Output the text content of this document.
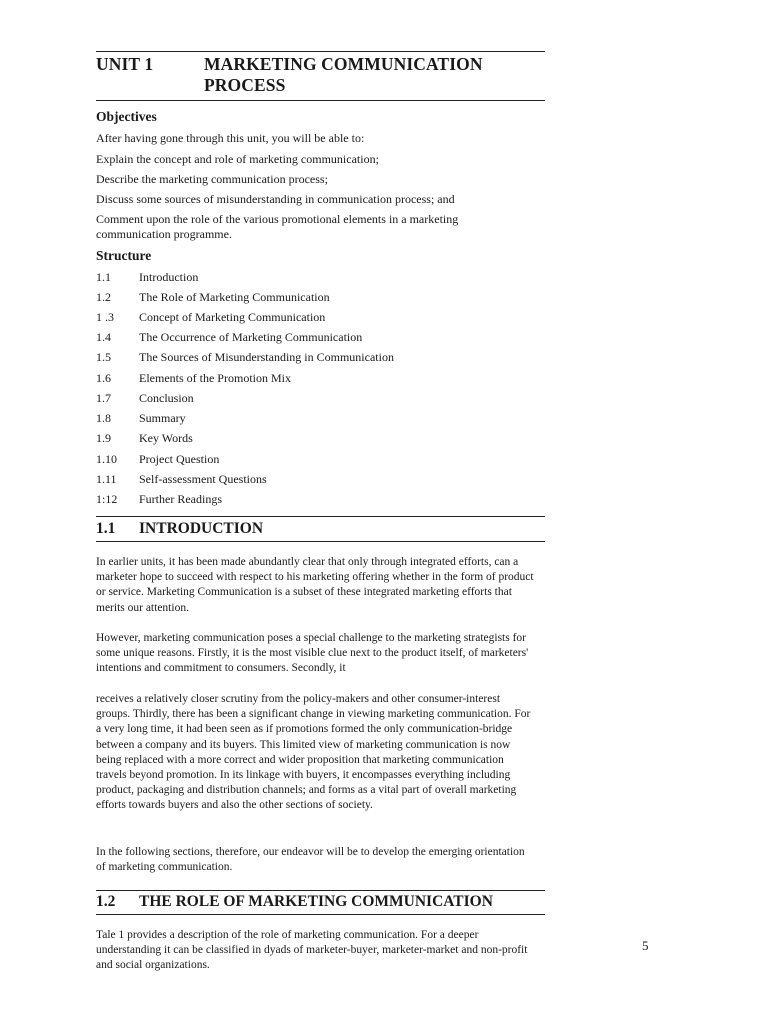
UNIT 1	MARKETING COMMUNICATION PROCESS
Objectives
After having gone through this unit, you will be able to:
Explain the concept and role of marketing communication;
Describe the marketing communication process;
Discuss some sources of misunderstanding in communication process; and
Comment upon the role of the various promotional elements in a marketing communication programme.
Structure
1.1 Introduction
1.2 The Role of Marketing Communication
1 .3 Concept of Marketing Communication
1.4 The Occurrence of Marketing Communication
1.5 The Sources of Misunderstanding in Communication
1.6 Elements of the Promotion Mix
1.7 Conclusion
1.8 Summary
1.9 Key Words
1.10 Project Question
1.11 Self-assessment Questions
1:12 Further Readings
1.1 INTRODUCTION
In earlier units, it has been made abundantly clear that only through integrated efforts, can a marketer hope to succeed with respect to his marketing offering whether in the form of product or service. Marketing Communication is a subset of these integrated marketing efforts that merits our attention.
However, marketing communication poses a special challenge to the marketing strategists for some unique reasons. Firstly, it is the most visible clue next to the product itself, of marketers' intentions and commitment to consumers. Secondly, it
receives a relatively closer scrutiny from the policy-makers and other consumer-interest groups. Thirdly, there has been a significant change in viewing marketing communication. For a very long time, it had been seen as if promotions formed the only communication-bridge between a company and its buyers. This limited view of marketing communication is now being replaced with a more correct and wider proposition that marketing communication travels beyond promotion. In its linkage with buyers, it encompasses everything including product, packaging and distribution channels; and forms as a vital part of overall marketing efforts towards buyers and also the other sections of society.
In the following sections, therefore, our endeavor will be to develop the emerging orientation of marketing communication.
1.2 THE ROLE OF MARKETING COMMUNICATION
Tale 1 provides a description of the role of marketing communication. For a deeper understanding it can be classified in dyads of marketer-buyer, marketer-market and non-profit and social organizations.
5
